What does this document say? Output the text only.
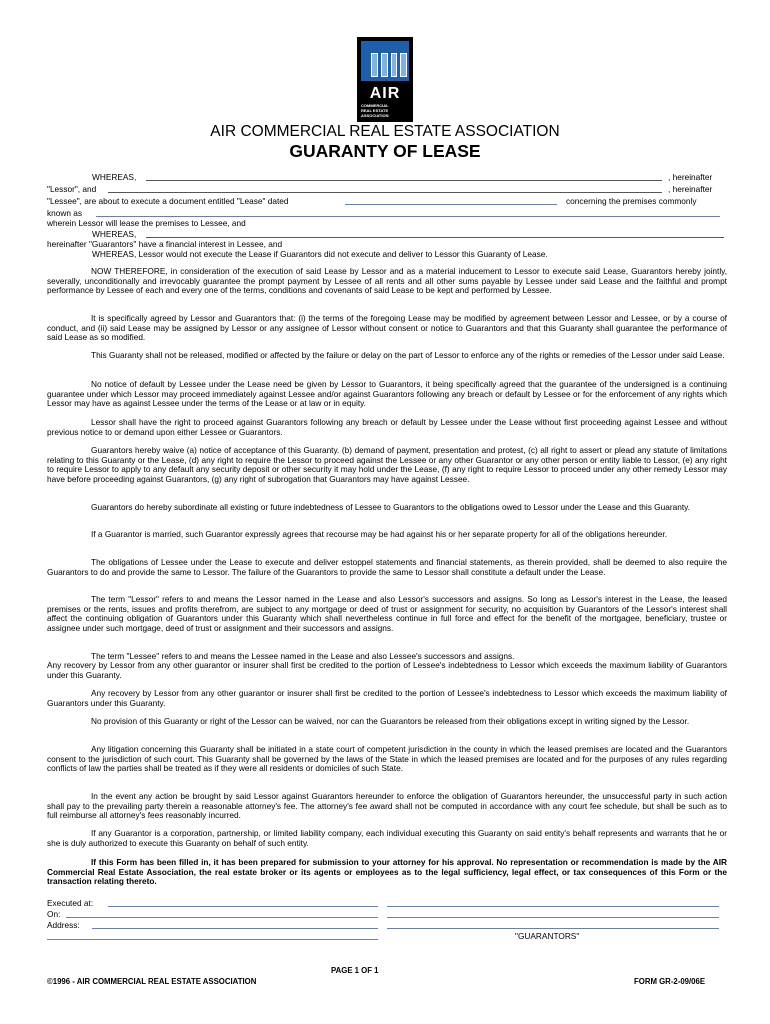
AIR
COMMERCIAL
REAL ESTATE
ASSOCIATION
AIR COMMERCIAL REAL ESTATE ASSOCIATION
GUARANTY OF LEASE
WHEREAS,	, hereinafter
"Lessor", and	, hereinafter
"Lessee", are about to execute a document entitled "Lease" dated	concerning the premises commonly
known as
wherein Lessor will lease the premises to Lessee, and
WHEREAS,
hereinafter "Guarantors" have a financial interest in Lessee, and
WHEREAS, Lessor would not execute the Lease if Guarantors did not execute and deliver to Lessor this Guaranty of Lease.
NOW THEREFORE, in consideration of the execution of said Lease by Lessor and as a material inducement to Lessor to execute said Lease, Guarantors hereby jointly, severally, unconditionally and irrevocably guarantee the prompt payment by Lessee of all rents and all other sums payable by Lessee under said Lease and the faithful and prompt performance by Lessee of each and every one of the terms, conditions and covenants of said Lease to be kept and performed by Lessee.
It is specifically agreed by Lessor and Guarantors that: (i) the terms of the foregoing Lease may be modified by agreement between Lessor and Lessee, or by a course of conduct, and (ii) said Lease may be assigned by Lessor or any assignee of Lessor without consent or notice to Guarantors and that this Guaranty shall guarantee the performance of said Lease as so modified.
This Guaranty shall not be released, modified or affected by the failure or delay on the part of Lessor to enforce any of the rights or remedies of the Lessor under said Lease.
No notice of default by Lessee under the Lease need be given by Lessor to Guarantors, it being specifically agreed that the guarantee of the undersigned is a continuing guarantee under which Lessor may proceed immediately against Lessee and/or against Guarantors following any breach or default by Lessee or for the enforcement of any rights which Lessor may have as against Lessee under the terms of the Lease or at law or in equity.
Lessor shall have the right to proceed against Guarantors following any breach or default by Lessee under the Lease without first proceeding against Lessee and without previous notice to or demand upon either Lessee or Guarantors.
Guarantors hereby waive (a) notice of acceptance of this Guaranty. (b) demand of payment, presentation and protest, (c) all right to assert or plead any statute of limitations relating to this Guaranty or the Lease, (d) any right to require the Lessor to proceed against the Lessee or any other Guarantor or any other person or entity liable to Lessor, (e) any right to require Lessor to apply to any default any security deposit or other security it may hold under the Lease, (f) any right to require Lessor to proceed under any other remedy Lessor may have before proceeding against Guarantors, (g) any right of subrogation that Guarantors may have against Lessee.
Guarantors do hereby subordinate all existing or future indebtedness of Lessee to Guarantors to the obligations owed to Lessor under the Lease and this Guaranty.
If a Guarantor is married, such Guarantor expressly agrees that recourse may be had against his or her separate property for all of the obligations hereunder.
The obligations of Lessee under the Lease to execute and deliver estoppel statements and financial statements, as therein provided, shall be deemed to also require the Guarantors to do and provide the same to Lessor. The failure of the Guarantors to provide the same to Lessor shall constitute a default under the Lease.
The term "Lessor" refers to and means the Lessor named in the Lease and also Lessor's successors and assigns. So long as Lessor's interest in the Lease, the leased premises or the rents, issues and profits therefrom, are subject to any mortgage or deed of trust or assignment for security, no acquisition by Guarantors of the Lessor's interest shall affect the continuing obligation of Guarantors under this Guaranty which shall nevertheless continue in full force and effect for the benefit of the mortgagee, beneficiary, trustee or assignee under such mortgage, deed of trust or assignment and their successors and assigns.
The term "Lessee" refers to and means the Lessee named in the Lease and also Lessee's successors and assigns.
Any recovery by Lessor from any other guarantor or insurer shall first be credited to the portion of Lessee's indebtedness to Lessor which exceeds the maximum liability of Guarantors under this Guaranty.
Any recovery by Lessor from any other guarantor or insurer shall first be credited to the portion of Lessee's indebtedness to Lessor which exceeds the maximum liability of Guarantors under this Guaranty.
No provision of this Guaranty or right of the Lessor can be waived, nor can the Guarantors be released from their obligations except in writing signed by the Lessor.
Any litigation concerning this Guaranty shall be initiated in a state court of competent jurisdiction in the county in which the leased premises are located and the Guarantors consent to the jurisdiction of such court. This Guaranty shall be governed by the laws of the State in which the leased premises are located and for the purposes of any rules regarding conflicts of law the parties shall be treated as if they were all residents or domiciles of such State.
In the event any action be brought by said Lessor against Guarantors hereunder to enforce the obligation of Guarantors hereunder, the unsuccessful party in such action shall pay to the prevailing party therein a reasonable attorney's fee. The attorney's fee award shall not be computed in accordance with any court fee schedule, but shall be such as to full reimburse all attorney's fees reasonably incurred.
If any Guarantor is a corporation, partnership, or limited liability company, each individual executing this Guaranty on said entity's behalf represents and warrants that he or she is duly authorized to execute this Guaranty on behalf of such entity.
If this Form has been filled in, it has been prepared for submission to your attorney for his approval. No representation or recommendation is made by the AIR Commercial Real Estate Association, the real estate broker or its agents or employees as to the legal sufficiency, legal effect, or tax consequences of this Form or the transaction relating thereto.
Executed at:
On:
Address:
"GUARANTORS"
PAGE 1 OF 1
©1996 - AIR COMMERCIAL REAL ESTATE ASSOCIATION	FORM GR-2-09/06E
